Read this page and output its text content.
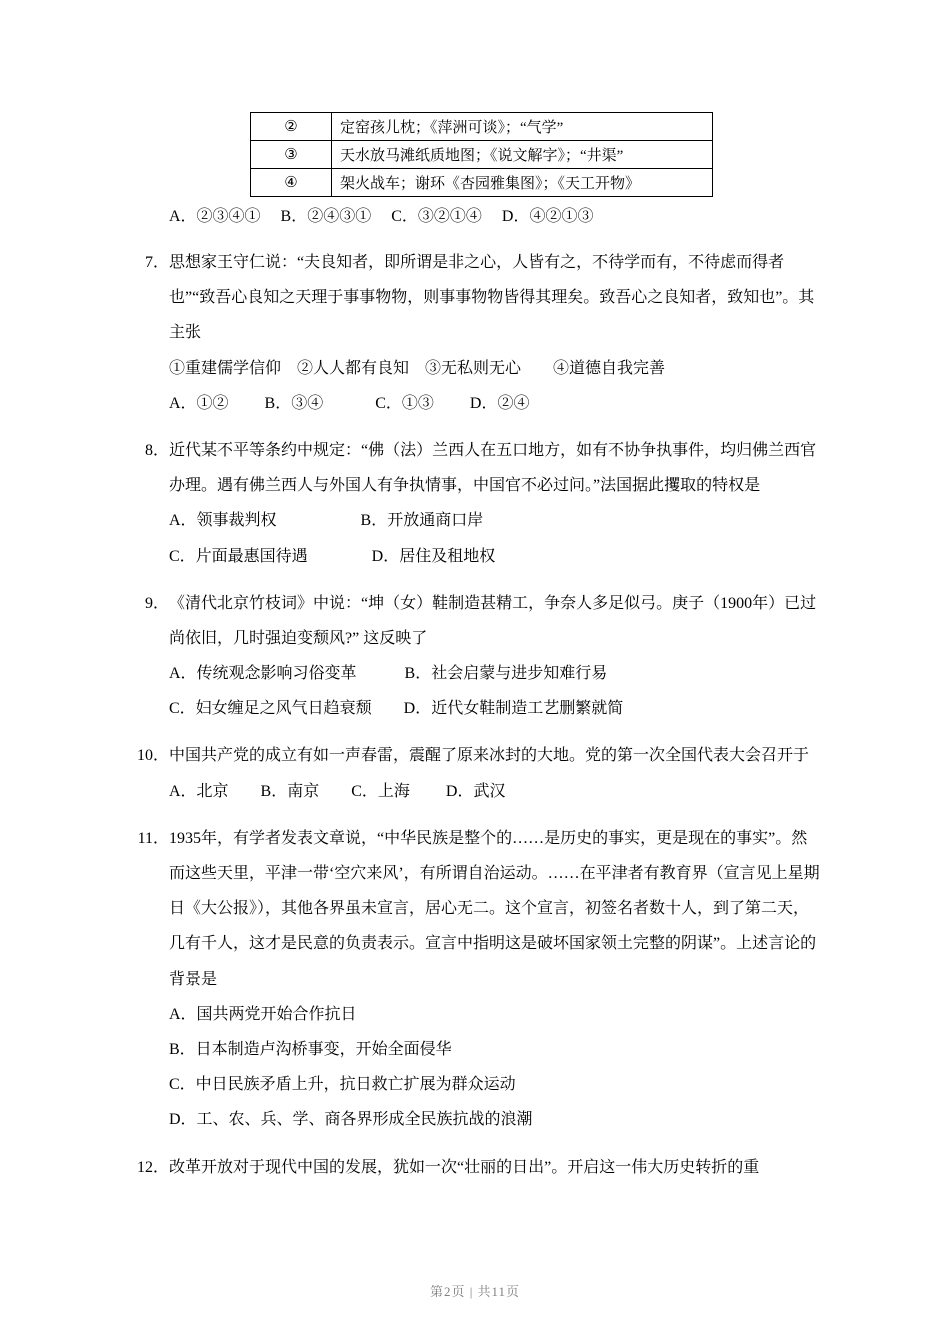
②	定窑孩儿枕；《萍洲可谈》；“气学”
③	天水放马滩纸质地图；《说文解字》；“井渠”
④	架火战车；谢环《杏园雅集图》；《天工开物》
A．②③④①　 B．②④③①　 C．③②①④　 D．④②①③
7． 思想家王守仁说：“夫良知者，即所谓是非之心，人皆有之，不待学而有，不待虑而得者也”“致吾心良知之天理于事事物物，则事事物物皆得其理矣。致吾心之良知者，致知也”。其主张
①重建儒学信仰　②人人都有良知　③无私则无心　　④道德自我完善
A．①②　　 B．③④　　　 C．①③　　 D．②④
8． 近代某不平等条约中规定：“佛（法）兰西人在五口地方，如有不协争执事件，均归佛兰西官办理。遇有佛兰西人与外国人有争执情事，中国官不必过问。”法国据此攫取的特权是
A．领事裁判权　　　　　 B．开放通商口岸
C．片面最惠国待遇　　　　D．居住及租地权
9． 《清代北京竹枝词》中说：“坤（女）鞋制造甚精工，争奈人多足似弓。庚子（1900年）已过尚依旧，几时强迫变颓风?” 这反映了
A．传统观念影响习俗变革　　　B．社会启蒙与进步知难行易
C．妇女缠足之风气日趋衰颓　　D．近代女鞋制造工艺删繁就简
10． 中国共产党的成立有如一声春雷，震醒了原来冰封的大地。党的第一次全国代表大会召开于
A．北京　　B．南京　　C．上海　　 D．武汉
11． 1935年，有学者发表文章说，“中华民族是整个的……是历史的事实，更是现在的事实”。然而这些天里，平津一带‘空穴来风’，有所谓自治运动。……在平津者有教育界（宣言见上星期日《大公报》），其他各界虽未宣言，居心无二。这个宣言，初签名者数十人，到了第二天，几有千人，这才是民意的负责表示。宣言中指明这是破坏国家领土完整的阴谋”。上述言论的背景是
A．国共两党开始合作抗日
B．日本制造卢沟桥事变，开始全面侵华
C．中日民族矛盾上升，抗日救亡扩展为群众运动
D．工、农、兵、学、商各界形成全民族抗战的浪潮
12． 改革开放对于现代中国的发展，犹如一次“壮丽的日出”。开启这一伟大历史转折的重
第2页 | 共11页
